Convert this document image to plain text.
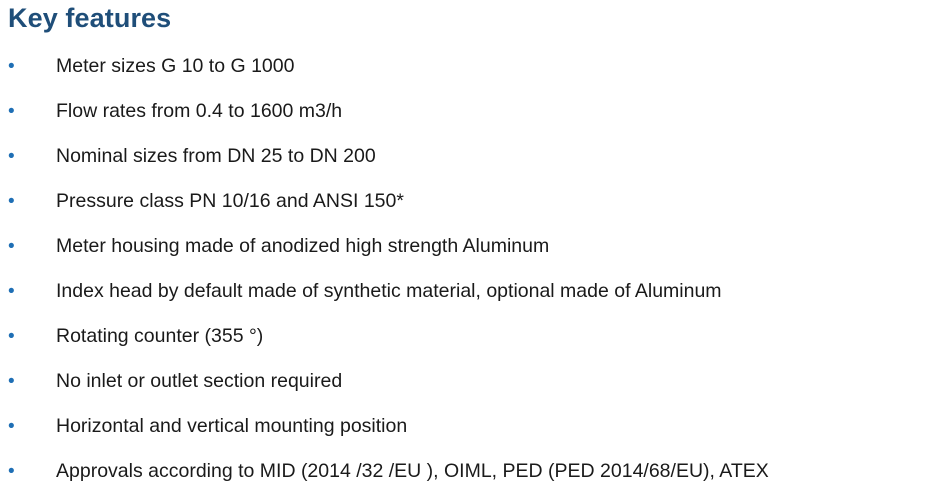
Key features
•	Meter sizes G 10 to G 1000
•	Flow rates from 0.4 to 1600 m3/h
•	Nominal sizes from DN 25 to DN 200
•	Pressure class PN 10/16 and ANSI 150*
•	Meter housing made of anodized high strength Aluminum
•	Index head by default made of synthetic material, optional made of Aluminum
•	Rotating counter (355 °)
•	No inlet or outlet section required
•	Horizontal and vertical mounting position
•	Approvals according to MID (2014 /32 /EU ), OIML, PED (PED 2014/68/EU), ATEX
